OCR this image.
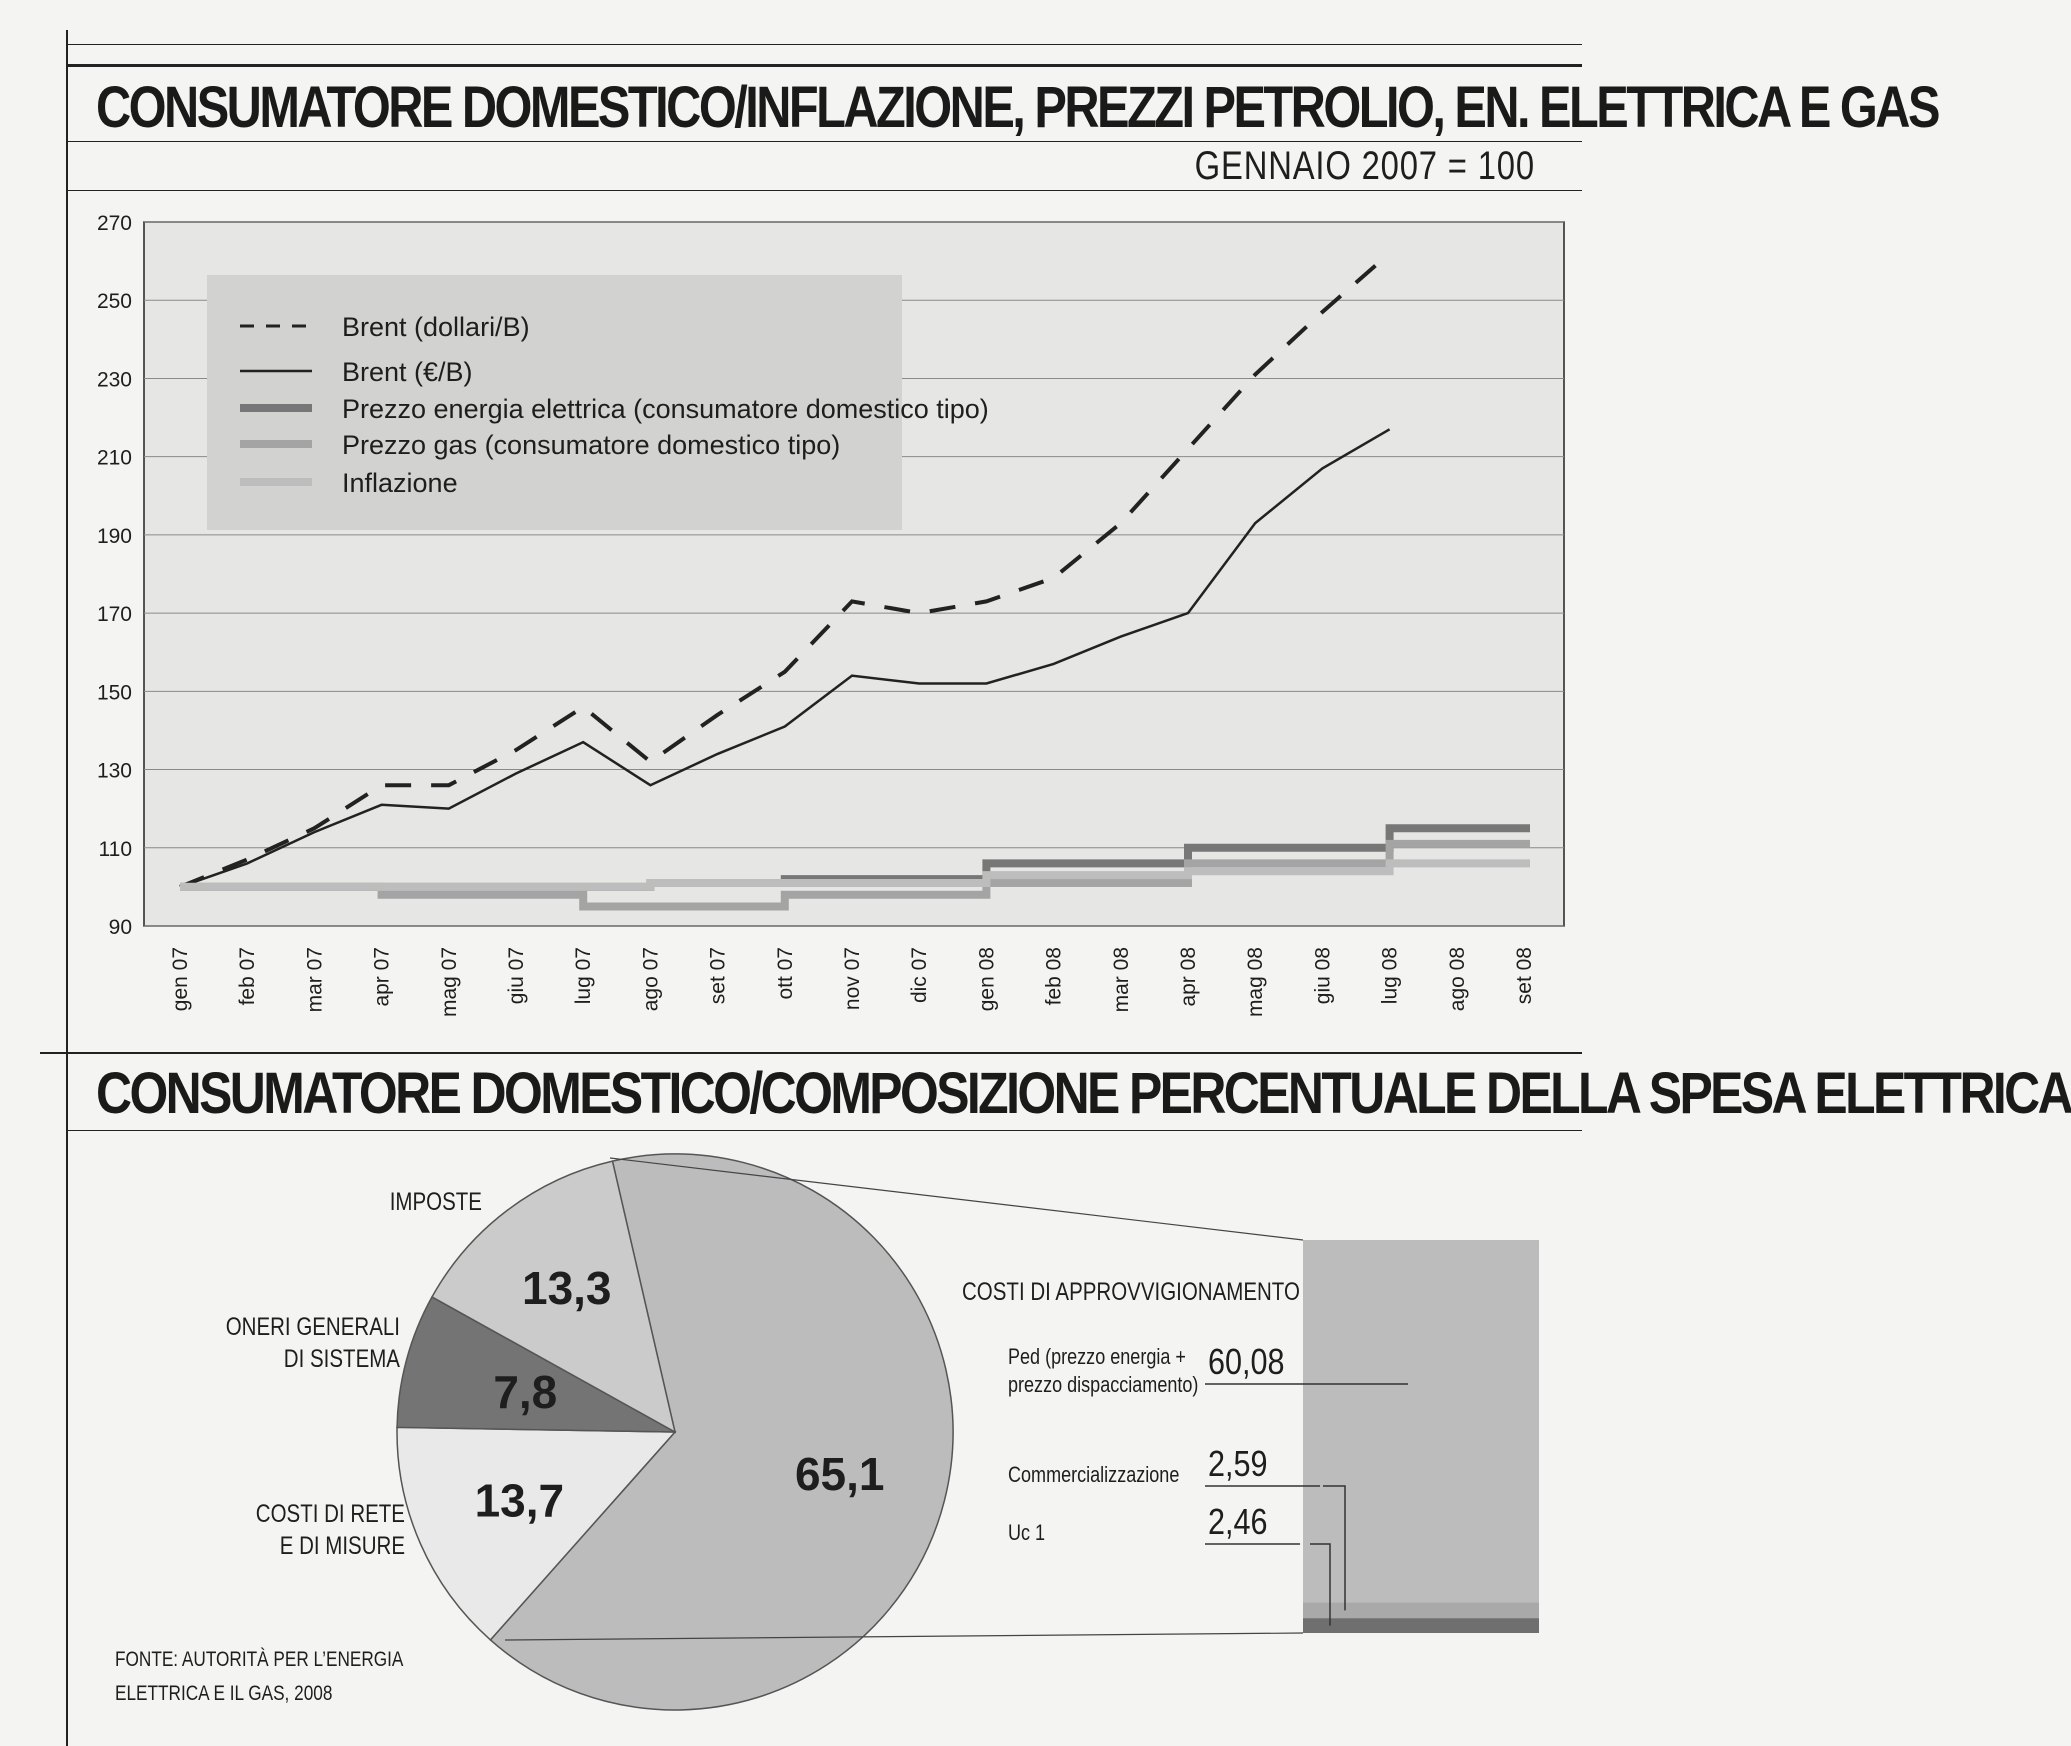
CONSUMATORE DOMESTICO/INFLAZIONE, PREZZI PETROLIO, EN. ELETTRICA E GAS
GENNAIO 2007 = 100
CONSUMATORE DOMESTICO/COMPOSIZIONE PERCENTUALE DELLA SPESA ELETTRICA
90
110
130
150
170
190
210
230
250
270
gen 07 feb 07 mar 07 apr 07 mag 07 giu 07 lug 07 ago 07 set 07 ott 07 nov 07 dic 07 gen 08 feb 08 mar 08 apr 08 mag 08 giu 08 lug 08 ago 08 set 08
Brent (dollari/B)
Brent (€/B)
Prezzo energia elettrica (consumatore domestico tipo)
Prezzo gas (consumatore domestico tipo)
Inflazione
65,1
13,7
7,8
13,3	COSTI DI APPROVVIGIONAMENTO
IMPOSTE
ONERI GENERALI
DI SISTEMA
COSTI DI RETE
E DI MISURE
Ped (prezzo energia +
prezzo dispacciamento)
60,08
Commercializzazione 2,59
Uc 1	2,46
FONTE: AUTORITÀ PER L’ENERGIA
ELETTRICA E IL GAS, 2008
